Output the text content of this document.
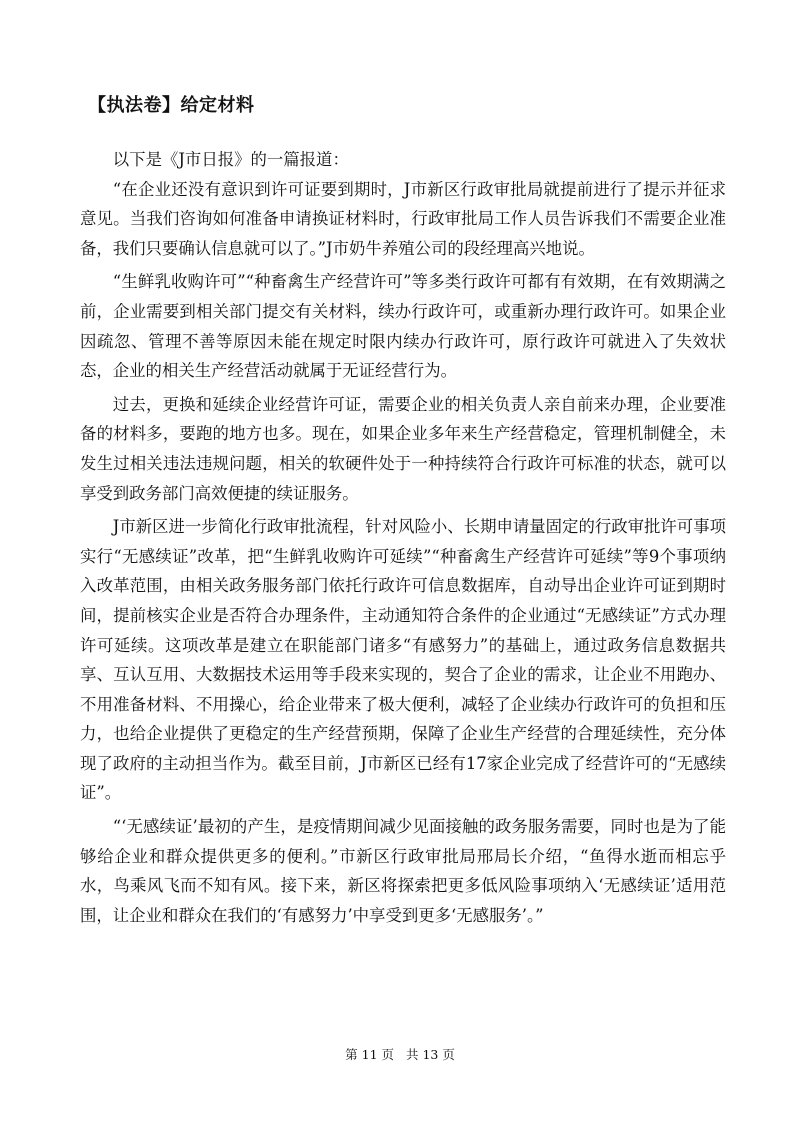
【执法卷】给定材料

以下是《J市日报》的一篇报道：

“在企业还没有意识到许可证要到期时，J市新区行政审批局就提前进行了提示并征求意见。当我们咨询如何准备申请换证材料时，行政审批局工作人员告诉我们不需要企业准备，我们只要确认信息就可以了。”J市奶牛养殖公司的段经理高兴地说。

“生鲜乳收购许可”“种畜禽生产经营许可”等多类行政许可都有有效期，在有效期满之前，企业需要到相关部门提交有关材料，续办行政许可，或重新办理行政许可。如果企业因疏忽、管理不善等原因未能在规定时限内续办行政许可，原行政许可就进入了失效状态，企业的相关生产经营活动就属于无证经营行为。

过去，更换和延续企业经营许可证，需要企业的相关负责人亲自前来办理，企业要准备的材料多，要跑的地方也多。现在，如果企业多年来生产经营稳定，管理机制健全，未发生过相关违法违规问题，相关的软硬件处于一种持续符合行政许可标准的状态，就可以享受到政务部门高效便捷的续证服务。

J市新区进一步简化行政审批流程，针对风险小、长期申请量固定的行政审批许可事项实行“无感续证”改革，把“生鲜乳收购许可延续”“种畜禽生产经营许可延续”等9个事项纳入改革范围，由相关政务服务部门依托行政许可信息数据库，自动导出企业许可证到期时间，提前核实企业是否符合办理条件，主动通知符合条件的企业通过“无感续证”方式办理许可延续。这项改革是建立在职能部门诸多“有感努力”的基础上，通过政务信息数据共享、互认互用、大数据技术运用等手段来实现的，契合了企业的需求，让企业不用跑办、不用准备材料、不用操心，给企业带来了极大便利，减轻了企业续办行政许可的负担和压力，也给企业提供了更稳定的生产经营预期，保障了企业生产经营的合理延续性，充分体现了政府的主动担当作为。截至目前，J市新区已经有17家企业完成了经营许可的“无感续证”。

“‘无感续证’最初的产生，是疫情期间减少见面接触的政务服务需要，同时也是为了能够给企业和群众提供更多的便利。”市新区行政审批局邢局长介绍，“鱼得水逝而相忘乎水，鸟乘风飞而不知有风。接下来，新区将探索把更多低风险事项纳入‘无感续证’适用范围，让企业和群众在我们的‘有感努力’中享受到更多‘无感服务’。”

第 11 页 共 13 页
